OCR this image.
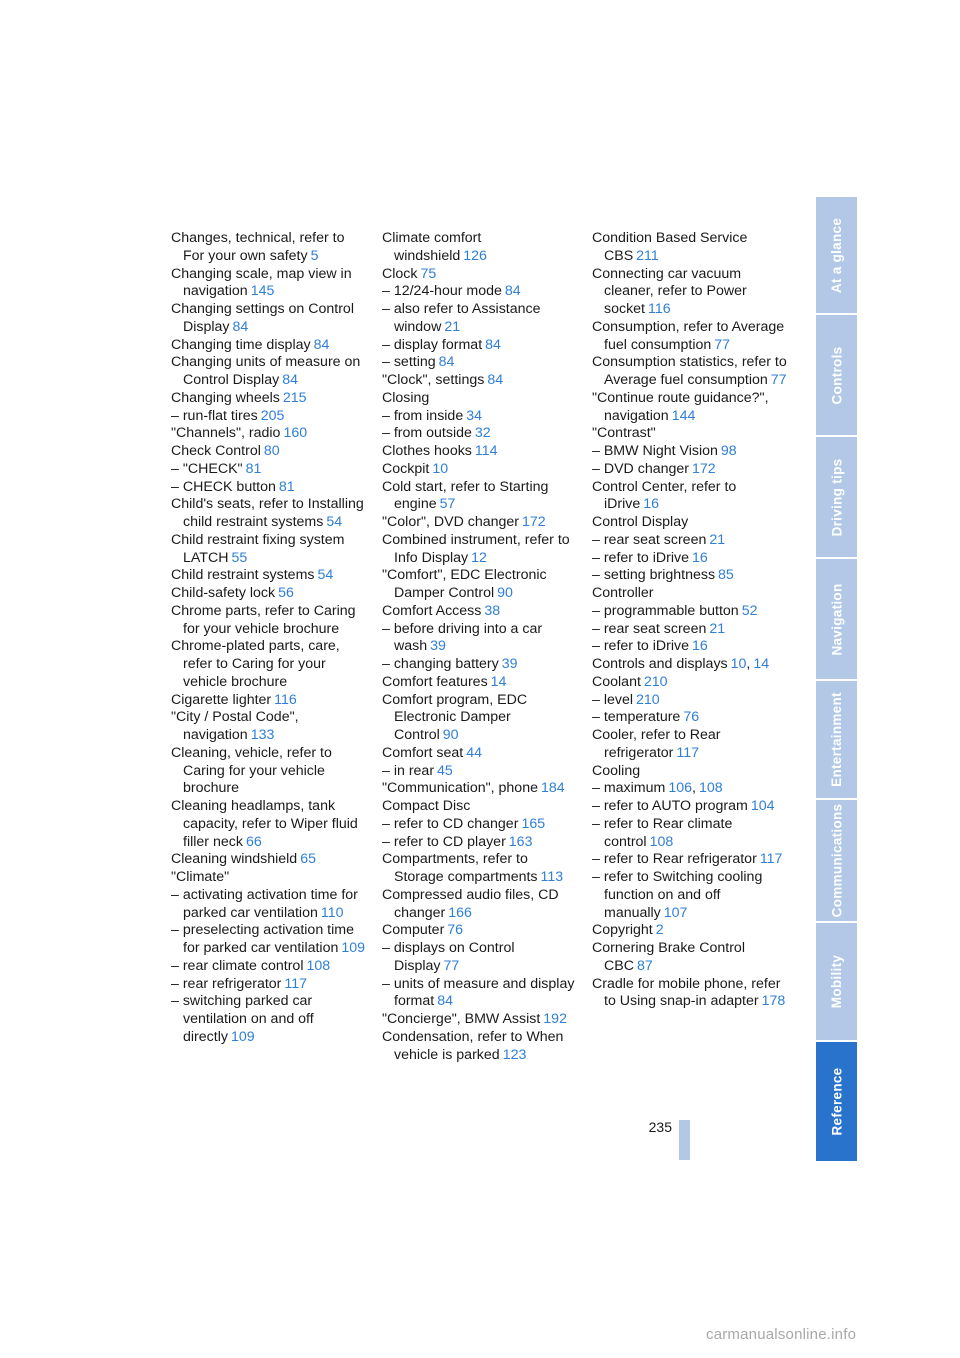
Changes, technical, refer to For your own safety 5
Changing scale, map view in navigation 145
Changing settings on Control Display 84
Changing time display 84
Changing units of measure on Control Display 84
Changing wheels 215
– run-flat tires 205
"Channels", radio 160
Check Control 80
– "CHECK" 81
– CHECK button 81
Child's seats, refer to Installing child restraint systems 54
Child restraint fixing system LATCH 55
Child restraint systems 54
Child-safety lock 56
Chrome parts, refer to Caring for your vehicle brochure
Chrome-plated parts, care, refer to Caring for your vehicle brochure
Cigarette lighter 116
"City / Postal Code", navigation 133
Cleaning, vehicle, refer to Caring for your vehicle brochure
Cleaning headlamps, tank capacity, refer to Wiper fluid filler neck 66
Cleaning windshield 65
"Climate"
– activating activation time for parked car ventilation 110
– preselecting activation time for parked car ventilation 109
– rear climate control 108
– rear refrigerator 117
– switching parked car ventilation on and off directly 109
Climate comfort windshield 126
Clock 75
– 12/24-hour mode 84
– also refer to Assistance window 21
– display format 84
– setting 84
"Clock", settings 84
Closing
– from inside 34
– from outside 32
Clothes hooks 114
Cockpit 10
Cold start, refer to Starting engine 57
"Color", DVD changer 172
Combined instrument, refer to Info Display 12
"Comfort", EDC Electronic Damper Control 90
Comfort Access 38
– before driving into a car wash 39
– changing battery 39
Comfort features 14
Comfort program, EDC Electronic Damper Control 90
Comfort seat 44
– in rear 45
"Communication", phone 184
Compact Disc
– refer to CD changer 165
– refer to CD player 163
Compartments, refer to Storage compartments 113
Compressed audio files, CD changer 166
Computer 76
– displays on Control Display 77
– units of measure and display format 84
"Concierge", BMW Assist 192
Condensation, refer to When vehicle is parked 123
Condition Based Service CBS 211
Connecting car vacuum cleaner, refer to Power socket 116
Consumption, refer to Average fuel consumption 77
Consumption statistics, refer to Average fuel consumption 77
"Continue route guidance?", navigation 144
"Contrast"
– BMW Night Vision 98
– DVD changer 172
Control Center, refer to iDrive 16
Control Display
– rear seat screen 21
– refer to iDrive 16
– setting brightness 85
Controller
– programmable button 52
– rear seat screen 21
– refer to iDrive 16
Controls and displays 10, 14
Coolant 210
– level 210
– temperature 76
Cooler, refer to Rear refrigerator 117
Cooling
– maximum 106, 108
– refer to AUTO program 104
– refer to Rear climate control 108
– refer to Rear refrigerator 117
– refer to Switching cooling function on and off manually 107
Copyright 2
Cornering Brake Control CBC 87
Cradle for mobile phone, refer to Using snap-in adapter 178
At a glance
Controls
Driving tips
Navigation
Entertainment
Communications
Mobility
Reference
235
carmanualsonline.info
